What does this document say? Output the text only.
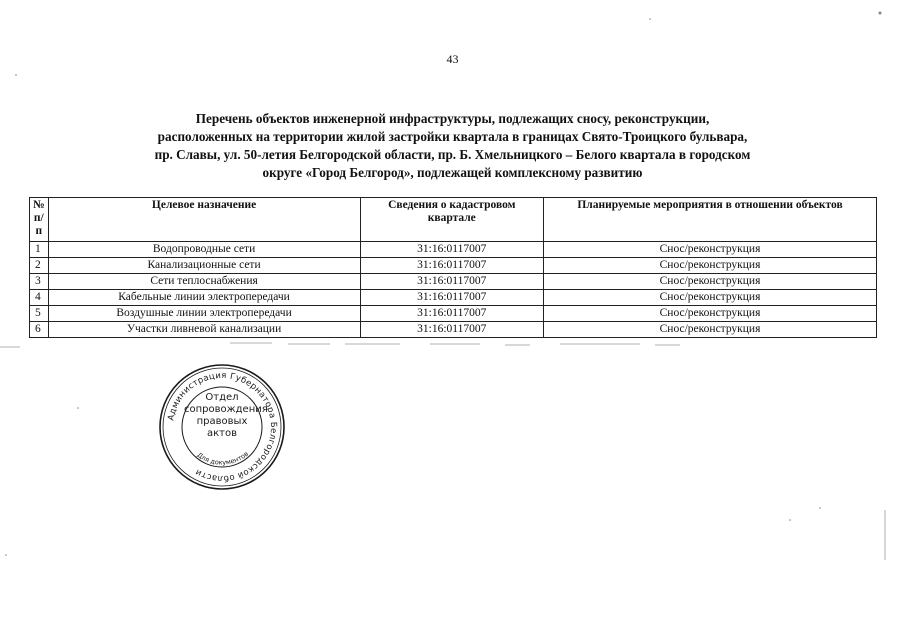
43
Перечень объектов инженерной инфраструктуры, подлежащих сносу, реконструкции,
расположенных на территории жилой застройки квартала в границах Свято-Троицкого бульвара,
пр. Славы, ул. 50-летия Белгородской области, пр. Б. Хмельницкого – Белого квартала в городском
округе «Город Белгород», подлежащей комплексному развитию
№ п/п	Целевое назначение	Сведения о кадастровом квартале	Планируемые мероприятия в отношении объектов
1	Водопроводные сети	31:16:0117007	Снос/реконструкция
2	Канализационные сети	31:16:0117007	Снос/реконструкция
3	Сети теплоснабжения	31:16:0117007	Снос/реконструкция
4	Кабельные линии электропередачи	31:16:0117007	Снос/реконструкция
5	Воздушные линии электропередачи	31:16:0117007	Снос/реконструкция
6	Участки ливневой канализации	31:16:0117007	Снос/реконструкция
Администрация Губернатора Белгородской области
Для документов
Отдел
сопровождения
правовых
актов
